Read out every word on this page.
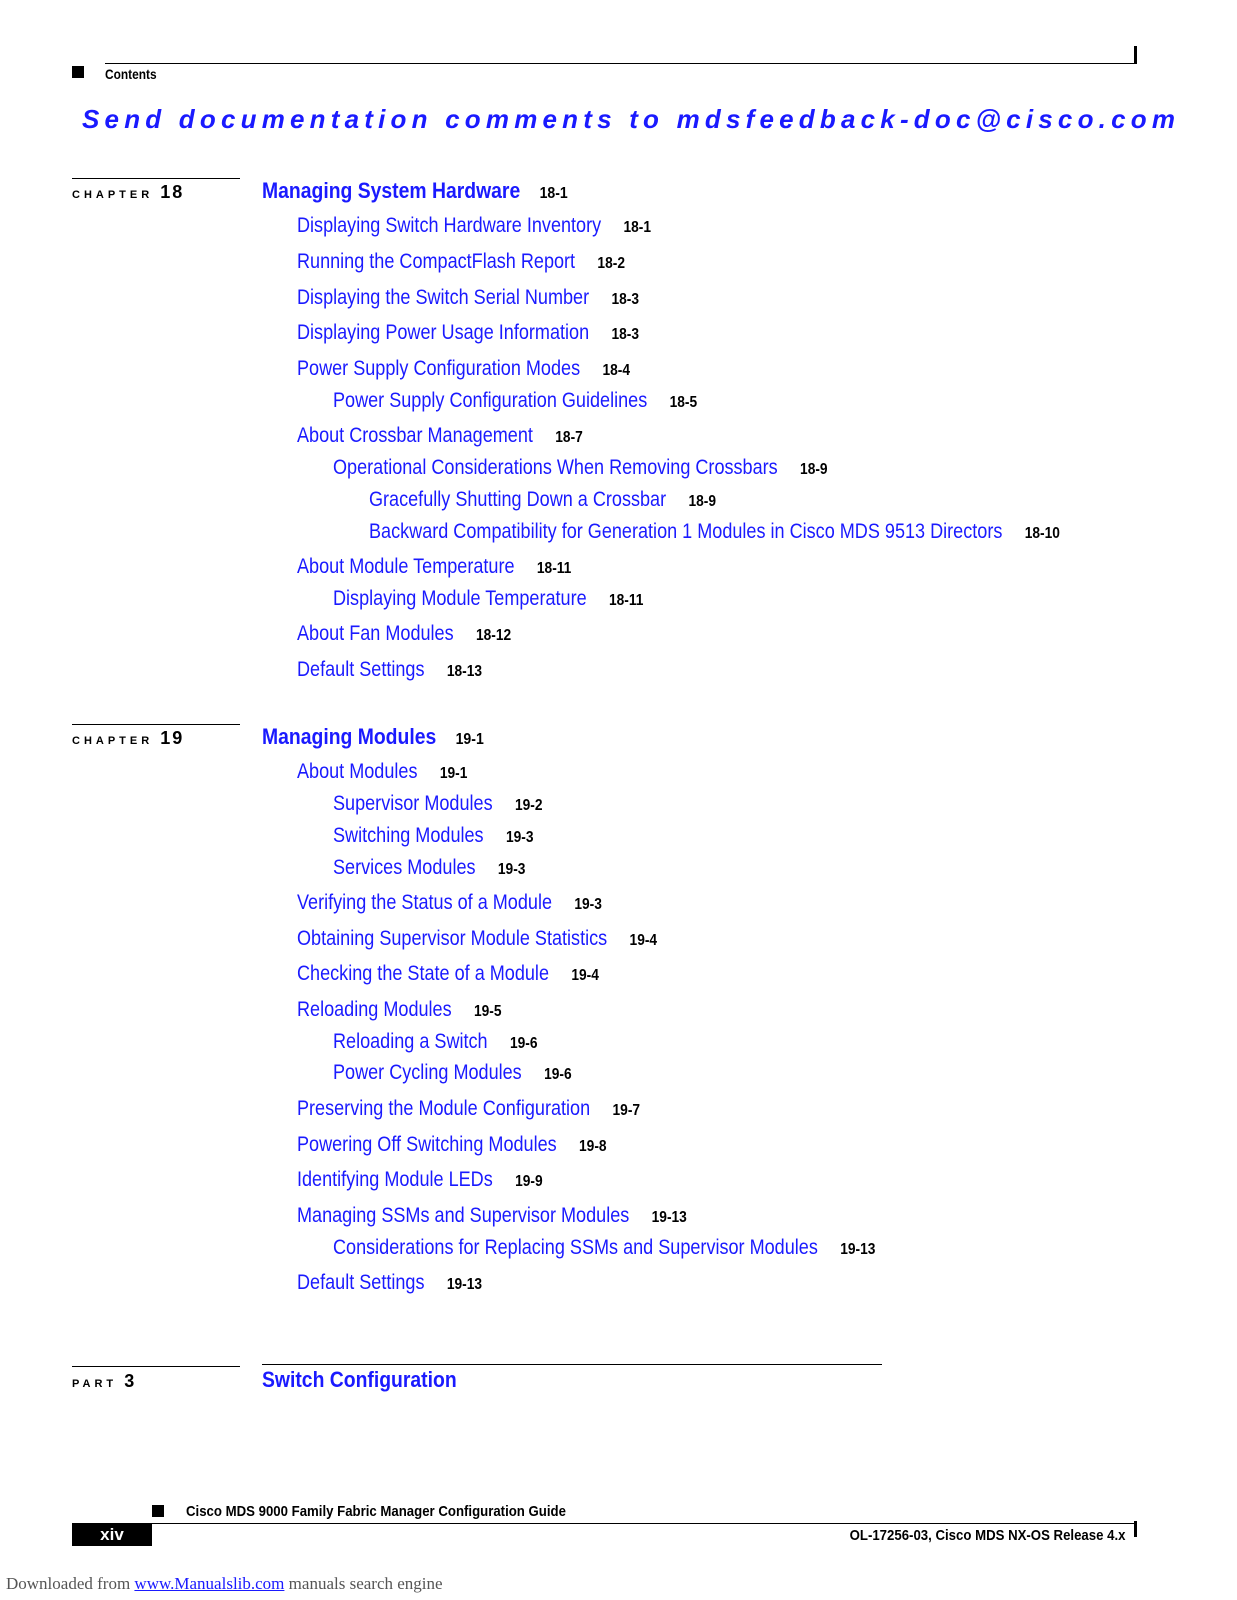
Contents
Send documentation comments to mdsfeedback-doc@cisco.com
CHAPTER 18	Managing System Hardware 18-1
Displaying Switch Hardware Inventory 18-1
Running the CompactFlash Report 18-2
Displaying the Switch Serial Number 18-3
Displaying Power Usage Information 18-3
Power Supply Configuration Modes 18-4
Power Supply Configuration Guidelines 18-5
About Crossbar Management 18-7
Operational Considerations When Removing Crossbars 18-9
Gracefully Shutting Down a Crossbar 18-9
Backward Compatibility for Generation 1 Modules in Cisco MDS 9513 Directors 18-10
About Module Temperature 18-11
Displaying Module Temperature 18-11
About Fan Modules 18-12
Default Settings 18-13
CHAPTER 19	Managing Modules 19-1
About Modules 19-1
Supervisor Modules 19-2
Switching Modules 19-3
Services Modules 19-3
Verifying the Status of a Module 19-3
Obtaining Supervisor Module Statistics 19-4
Checking the State of a Module 19-4
Reloading Modules 19-5
Reloading a Switch 19-6
Power Cycling Modules 19-6
Preserving the Module Configuration 19-7
Powering Off Switching Modules 19-8
Identifying Module LEDs 19-9
Managing SSMs and Supervisor Modules 19-13
Considerations for Replacing SSMs and Supervisor Modules 19-13
Default Settings 19-13
PART 3	Switch Configuration
Cisco MDS 9000 Family Fabric Manager Configuration Guide
xiv	OL-17256-03, Cisco MDS NX-OS Release 4.x
Downloaded from www.Manualslib.com manuals search engine
